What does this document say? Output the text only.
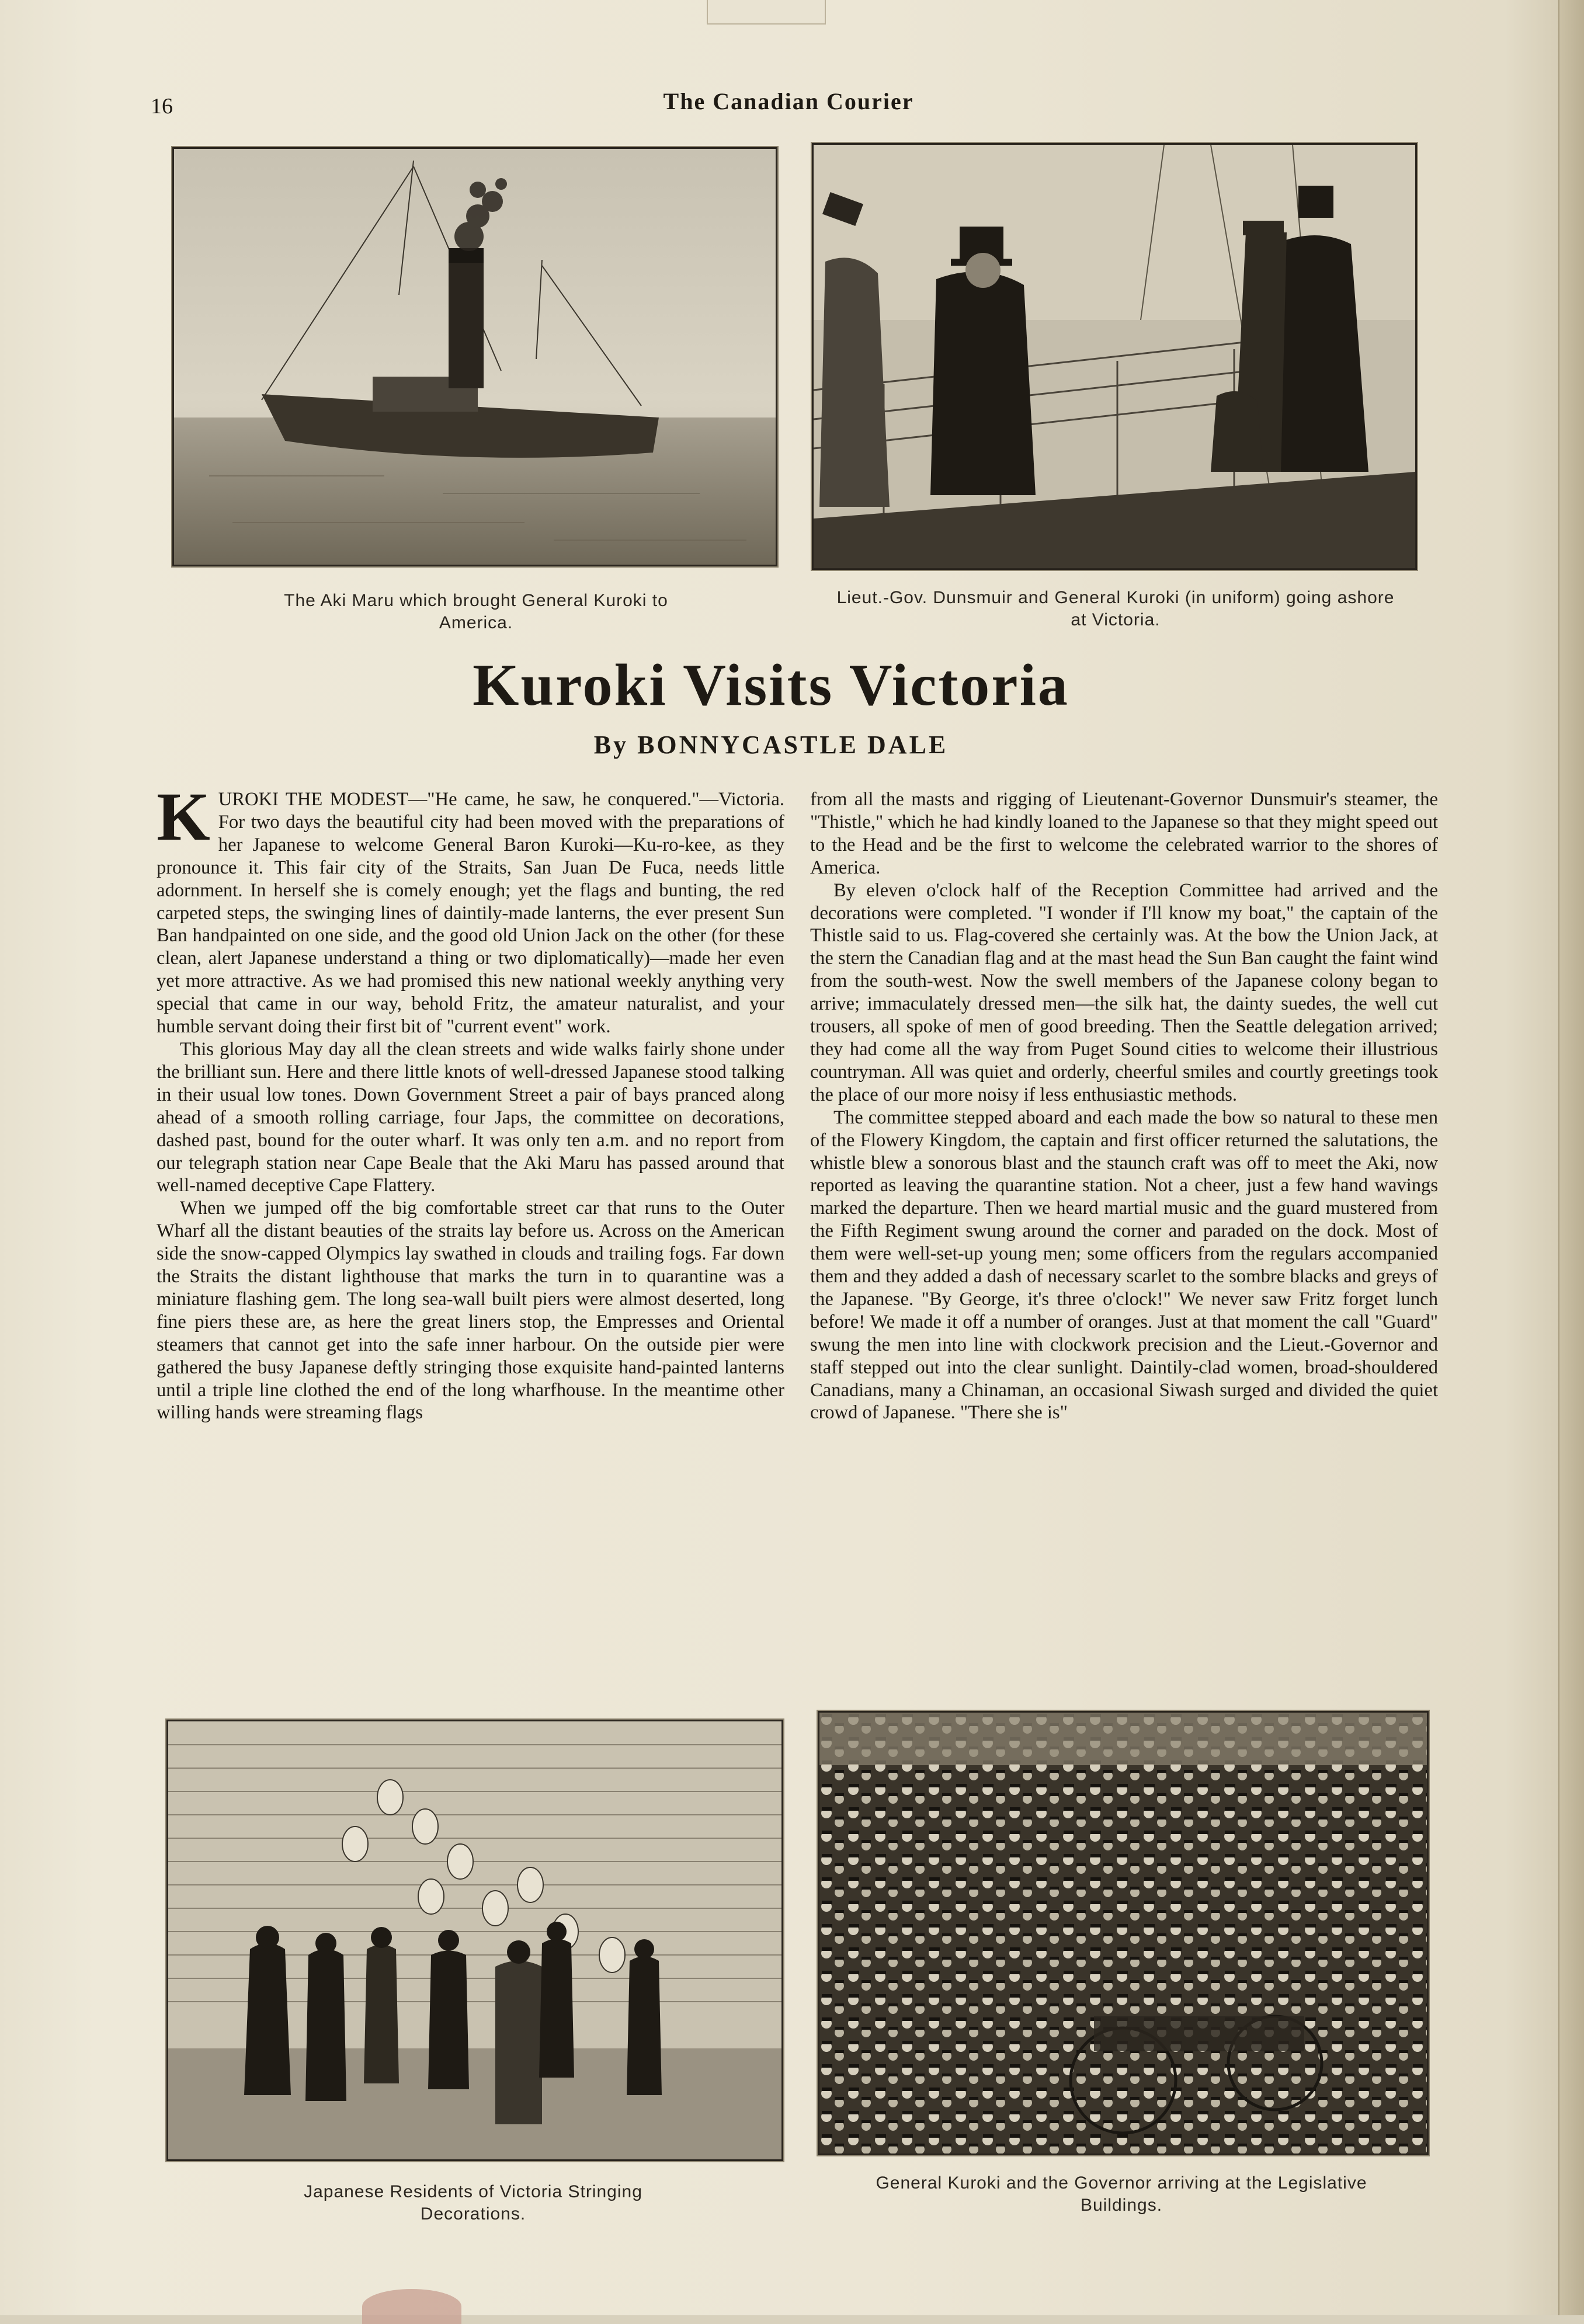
16	The Canadian Courier
The Aki Maru which brought General Kuroki to America.
Lieut.-Gov. Dunsmuir and General Kuroki (in uniform) going ashore at Victoria.
Kuroki Visits Victoria
By BONNYCASTLE DALE

KUROKI THE MODEST—"He came, he saw, he conquered."—Victoria. For two days the beautiful city had been moved with the preparations of her Japanese to welcome General Baron Kuroki—Ku-ro-kee, as they pronounce it. This fair city of the Straits, San Juan De Fuca, needs little adornment. In herself she is comely enough; yet the flags and bunting, the red carpeted steps, the swinging lines of daintily-made lanterns, the ever present Sun Ban handpainted on one side, and the good old Union Jack on the other (for these clean, alert Japanese understand a thing or two diplomatically)—made her even yet more attractive. As we had promised this new national weekly anything very special that came in our way, behold Fritz, the amateur naturalist, and your humble servant doing their first bit of "current event" work.

This glorious May day all the clean streets and wide walks fairly shone under the brilliant sun. Here and there little knots of well-dressed Japanese stood talking in their usual low tones. Down Government Street a pair of bays pranced along ahead of a smooth rolling carriage, four Japs, the committee on decorations, dashed past, bound for the outer wharf. It was only ten a.m. and no report from our telegraph station near Cape Beale that the Aki Maru has passed around that well-named deceptive Cape Flattery.

When we jumped off the big comfortable street car that runs to the Outer Wharf all the distant beauties of the straits lay before us. Across on the American side the snow-capped Olympics lay swathed in clouds and trailing fogs. Far down the Straits the distant lighthouse that marks the turn in to quarantine was a miniature flashing gem. The long sea-wall built piers were almost deserted, long fine piers these are, as here the great liners stop, the Empresses and Oriental steamers that cannot get into the safe inner harbour. On the outside pier were gathered the busy Japanese deftly stringing those exquisite hand-painted lanterns until a triple line clothed the end of the long wharfhouse. In the meantime other willing hands were streaming flags

from all the masts and rigging of Lieutenant-Governor Dunsmuir's steamer, the "Thistle," which he had kindly loaned to the Japanese so that they might speed out to the Head and be the first to welcome the celebrated warrior to the shores of America.

By eleven o'clock half of the Reception Committee had arrived and the decorations were completed. "I wonder if I'll know my boat," the captain of the Thistle said to us. Flag-covered she certainly was. At the bow the Union Jack, at the stern the Canadian flag and at the mast head the Sun Ban caught the faint wind from the south-west. Now the swell members of the Japanese colony began to arrive; immaculately dressed men—the silk hat, the dainty suedes, the well cut trousers, all spoke of men of good breeding. Then the Seattle delegation arrived; they had come all the way from Puget Sound cities to welcome their illustrious countryman. All was quiet and orderly, cheerful smiles and courtly greetings took the place of our more noisy if less enthusiastic methods.

The committee stepped aboard and each made the bow so natural to these men of the Flowery Kingdom, the captain and first officer returned the salutations, the whistle blew a sonorous blast and the staunch craft was off to meet the Aki, now reported as leaving the quarantine station. Not a cheer, just a few hand wavings marked the departure. Then we heard martial music and the guard mustered from the Fifth Regiment swung around the corner and paraded on the dock. Most of them were well-set-up young men; some officers from the regulars accompanied them and they added a dash of necessary scarlet to the sombre blacks and greys of the Japanese. "By George, it's three o'clock!" We never saw Fritz forget lunch before! We made it off a number of oranges. Just at that moment the call "Guard" swung the men into line with clockwork precision and the Lieut.-Governor and staff stepped out into the clear sunlight. Daintily-clad women, broad-shouldered Canadians, many a Chinaman, an occasional Siwash surged and divided the quiet crowd of Japanese. "There she is"

Japanese Residents of Victoria Stringing Decorations.
General Kuroki and the Governor arriving at the Legislative Buildings.
